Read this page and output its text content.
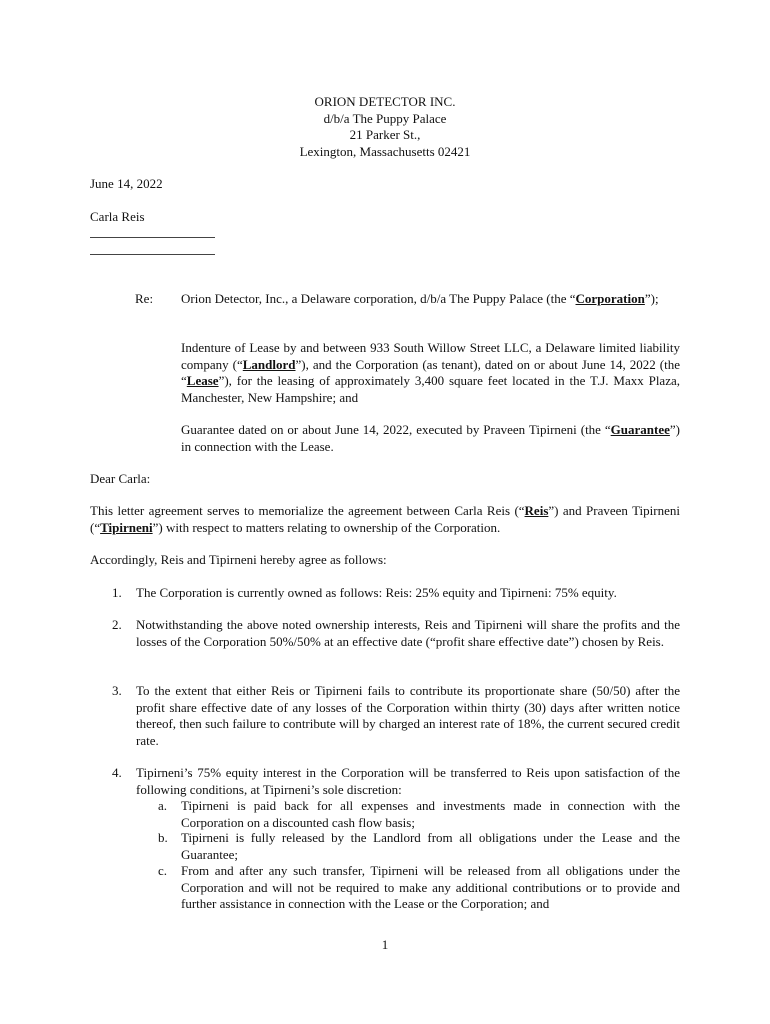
ORION DETECTOR INC.
d/b/a The Puppy Palace
21 Parker St.,
Lexington, Massachusetts 02421
June 14, 2022
Carla Reis
Re: Orion Detector, Inc., a Delaware corporation, d/b/a The Puppy Palace (the “Corporation”);
Indenture of Lease by and between 933 South Willow Street LLC, a Delaware limited liability company (“Landlord”), and the Corporation (as tenant), dated on or about June 14, 2022 (the “Lease”), for the leasing of approximately 3,400 square feet located in the T.J. Maxx Plaza, Manchester, New Hampshire; and
Guarantee dated on or about June 14, 2022, executed by Praveen Tipirneni (the “Guarantee”) in connection with the Lease.
Dear Carla:
This letter agreement serves to memorialize the agreement between Carla Reis (“Reis”) and Praveen Tipirneni (“Tipirneni”) with respect to matters relating to ownership of the Corporation.
Accordingly, Reis and Tipirneni hereby agree as follows:
1. The Corporation is currently owned as follows: Reis: 25% equity and Tipirneni: 75% equity.
2. Notwithstanding the above noted ownership interests, Reis and Tipirneni will share the profits and the losses of the Corporation 50%/50% at an effective date (“profit share effective date”) chosen by Reis.
3. To the extent that either Reis or Tipirneni fails to contribute its proportionate share (50/50) after the profit share effective date of any losses of the Corporation within thirty (30) days after written notice thereof, then such failure to contribute will by charged an interest rate of 18%, the current secured credit rate.
4. Tipirneni’s 75% equity interest in the Corporation will be transferred to Reis upon satisfaction of the following conditions, at Tipirneni’s sole discretion:
a. Tipirneni is paid back for all expenses and investments made in connection with the Corporation on a discounted cash flow basis;
b. Tipirneni is fully released by the Landlord from all obligations under the Lease and the Guarantee;
c. From and after any such transfer, Tipirneni will be released from all obligations under the Corporation and will not be required to make any additional contributions or to provide and further assistance in connection with the Lease or the Corporation; and
1
